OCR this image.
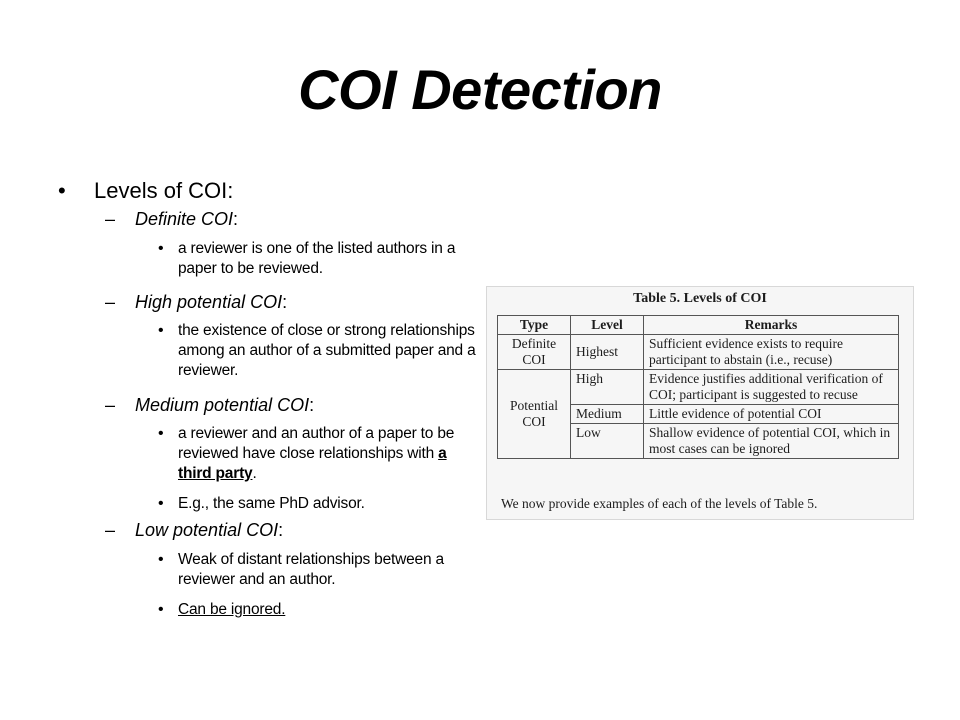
COI Detection
• Levels of COI:
– Definite COI:
• a reviewer is one of the listed authors in a paper to be reviewed.
– High potential COI:
• the existence of close or strong relationships among an author of a submitted paper and a reviewer.
– Medium potential COI:
• a reviewer and an author of a paper to be reviewed have close relationships with a third party.
• E.g., the same PhD advisor.
– Low potential COI:
• Weak of distant relationships between a reviewer and an author.
• Can be ignored.
Table 5. Levels of COI
Type	Level	Remarks
Definite COI	Highest	Sufficient evidence exists to require participant to abstain (i.e., recuse)
Potential COI	High	Evidence justifies additional verification of COI; participant is suggested to recuse
	Medium	Little evidence of potential COI
	Low	Shallow evidence of potential COI, which in most cases can be ignored
We now provide examples of each of the levels of Table 5.
